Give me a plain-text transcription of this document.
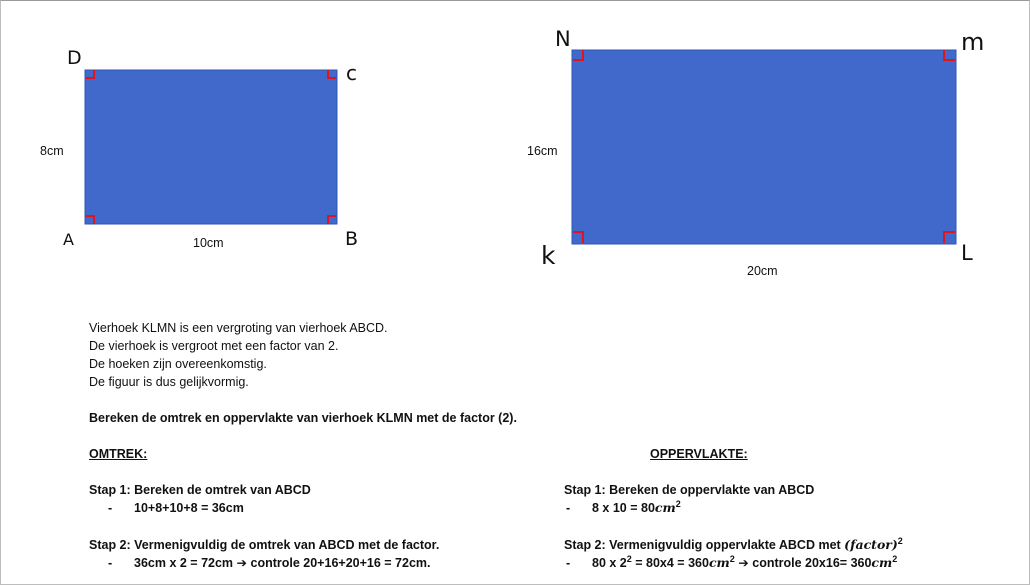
D
c
A	B
N	m
k	L
8cm
10cm
16cm
20cm
Vierhoek KLMN is een vergroting van vierhoek ABCD.
De vierhoek is vergroot met een factor van 2.
De hoeken zijn overeenkomstig.
De figuur is dus gelijkvormig.
Bereken de omtrek en oppervlakte van vierhoek KLMN met de factor (2).
OMTREK:
Stap 1: Bereken de omtrek van ABCD
- 10+8+10+8 = 36cm
Stap 2: Vermenigvuldig de omtrek van ABCD met de factor.
- 36cm x 2 = 72cm ➔ controle 20+16+20+16 = 72cm.
OPPERVLAKTE:
Stap 1: Bereken de oppervlakte van ABCD
- 8 x $10 = 80cm^2$
Stap 2: Vermenigvuldig oppervlakte ABCD met (factor)$^2$
- 80 x $2^2 = 80x4 = 360cm^2$ ➔ controle $20x16= 360cm^2$
